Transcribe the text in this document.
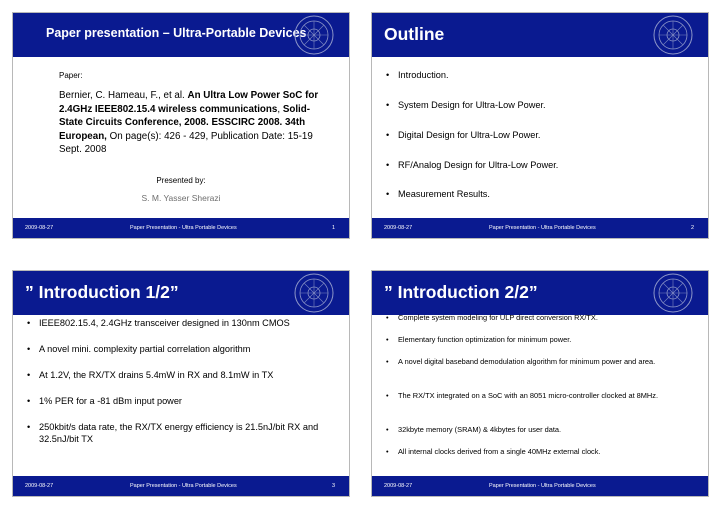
Paper presentation – Ultra-Portable Devices
Paper:
Bernier, C. Hameau, F., et al. An Ultra Low Power SoC for 2.4GHz IEEE802.15.4 wireless communications, Solid-State Circuits Conference, 2008. ESSCIRC 2008. 34th European, On page(s): 426 - 429, Publication Date: 15-19 Sept. 2008
Presented by:
S. M. Yasser Sherazi
2009-08-27	Paper Presentation - Ultra Portable Devices	1
Outline
• Introduction.
• System Design for Ultra-Low Power.
• Digital Design for Ultra-Low Power.
• RF/Analog Design for Ultra-Low Power.
• Measurement Results.
•
2009-08-27	Paper Presentation - Ultra Portable Devices	2
” Introduction 1/2”
• IEEE802.15.4, 2.4GHz transceiver designed in 130nm CMOS
• A novel mini. complexity partial correlation algorithm
• At 1.2V, the RX/TX drains 5.4mW in RX and 8.1mW in TX
• 1% PER for a -81 dBm input power
• 250kbit/s data rate, the RX/TX energy efficiency is 21.5nJ/bit RX and 32.5nJ/bit TX
2009-08-27	Paper Presentation - Ultra Portable Devices	3
” Introduction 2/2”
• Complete system modeling for ULP direct conversion RX/TX.
• Elementary function optimization for minimum power.
• A novel digital baseband demodulation algorithm for minimum power and area.
• The RX/TX integrated on a SoC with an 8051 micro-controller clocked at 8MHz.
• 32kbyte memory (SRAM) & 4kbytes for user data.
• All internal clocks derived from a single 40MHz external clock.
2009-08-27	Paper Presentation - Ultra Portable Devices
